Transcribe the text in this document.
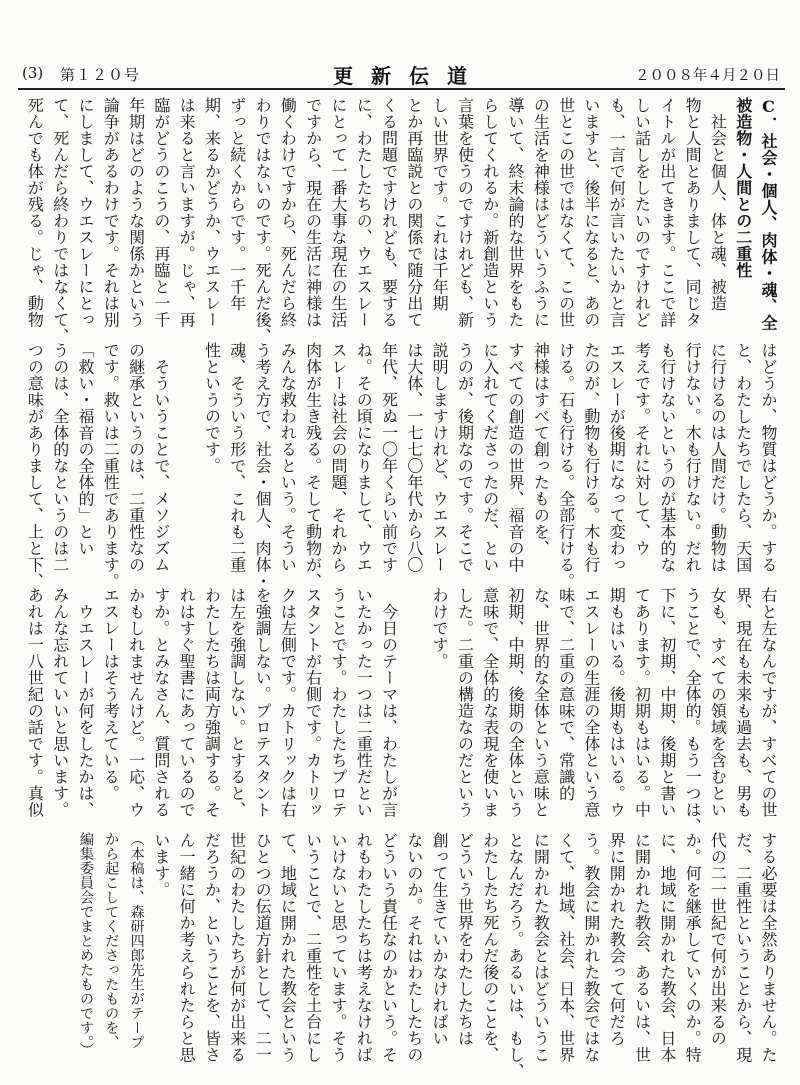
(3) 第１２０号	更新伝道	２００８年４月２０日
C．社会・個人、肉体・魂、全
被造物・人間との二重性
　社会と個人、体と魂、被造
物と人間とありまして、同じタ
イトルが出てきます。ここで詳
しい話しをしたいのですけれど
も、一言で何が言いたいかと言
いますと、後半になると、あの
世とこの世ではなくて、この世
の生活を神様はどういうふうに
導いて、終末論的な世界をもた
らしてくれるか。新創造という
言葉を使うのですけれども、新
しい世界です。これは千年期
とか再臨説との関係で随分出て
くる問題ですけれども、要する
に、わたしたちの、ウエスレー
にとって一番大事な現在の生活
ですから、現在の生活に神様は
働くわけですから、死んだら終
わりではないのです。死んだ後、
ずっと続くからです。一千年
期、来るかどうか、ウエスレー
は来ると言いますが。じゃ、再
臨がどうのこうの、再臨と一千
年期はどのような関係かという
論争があるわけです。それは別
にしまして、ウエスレーにとっ
て、死んだら終わりではなくて、
死んでも体が残る。じゃ、動物
はどうか、物質はどうか。する
と、わたしたちでしたら、天国
に行けるのは人間だけ。動物は
行けない。木も行けない。だれ
も行けないというのが基本的な
考えです。それに対して、ウ
エスレーが後期になって変わっ
たのが、動物も行ける。木も行
ける。石も行ける。全部行ける。
神様はすべて創ったものを、
すべての創造の世界、福音の中
に入れてくださったのだ、とい
うのが、後期なのです。そこで
説明しますけれど、ウエスレー
は大体、一七七〇年代から八〇
年代、死ぬ一〇年くらい前です
ね。その頃になりまして、ウエ
スレーは社会の問題、それから
肉体が生き残る。そして動物が、
みんな救われるという。そうい
う考え方で、社会・個人、肉体・
魂、そういう形で、これも二重
性というのです。
　そういうことで、メソジズム
の継承というのは、二重性なの
です。救いは二重性であります。
「救い・福音の全体的」とい
うのは、全体的なというのは二
つの意味がありまして、上と下、
右と左なんですが、すべての世
界、現在も未来も過去も、男も
女も、すべての領域を含むとい
うことで、全体的。もう一つは、
下に、初期、中期、後期と書い
てあります。初期もはいる。中
期もはいる。後期もはいる。ウ
エスレーの生涯の全体という意
味で、二重の意味で、常識的
な、世界的な全体という意味と
初期、中期、後期の全体という
意味で、全体的な表現を使いま
した。二重の構造なのだという
わけです。
　今日のテーマは、わたしが言
いたかった一つは二重性だとい
うことです。わたしたちプロテ
スタントが右側です。カトリッ
クは左側です。カトリックは右
を強調しない。プロテスタント
は左を強調しない。とすると、
わたしたちは両方強調する。そ
れはすぐ聖書にあっているので
すか。とみなさん、質問される
かもしれませんけど。一応、ウ
エスレーはそう考えている。
　ウエスレーが何をしたかは、
みんな忘れていいと思います。
あれは一八世紀の話です。真似
する必要は全然ありません。た
だ、二重性ということから、現
代の二一世紀で何が出来るの
か。何を継承していくのか。特
に、地域に開かれた教会、日本
に開かれた教会、あるいは、世
界に開かれた教会って何だろ
う。教会に開かれた教会ではな
くて、地域、社会、日本、世界
に開かれた教会とはどういうこ
となんだろう。あるいは、もし、
わたしたち死んだ後のことを、
どういう世界をわたしたちは
創って生きていかなければい
ないのか。それはわたしたちの
どういう責任なのかという。そ
れもわたしたちは考えなければ
いけないと思っています。そう
いうことで、二重性を土台にし
て、地域に開かれた教会という
ひとつの伝道方針として、二一
世紀のわたしたちが何が出来る
だろうか、ということを、皆さ
ん一緒に何か考えられたらと思
います。
（本稿は、森研四郎先生がテープ
から起こしてくださったものを、
編集委員会でまとめたものです。）
